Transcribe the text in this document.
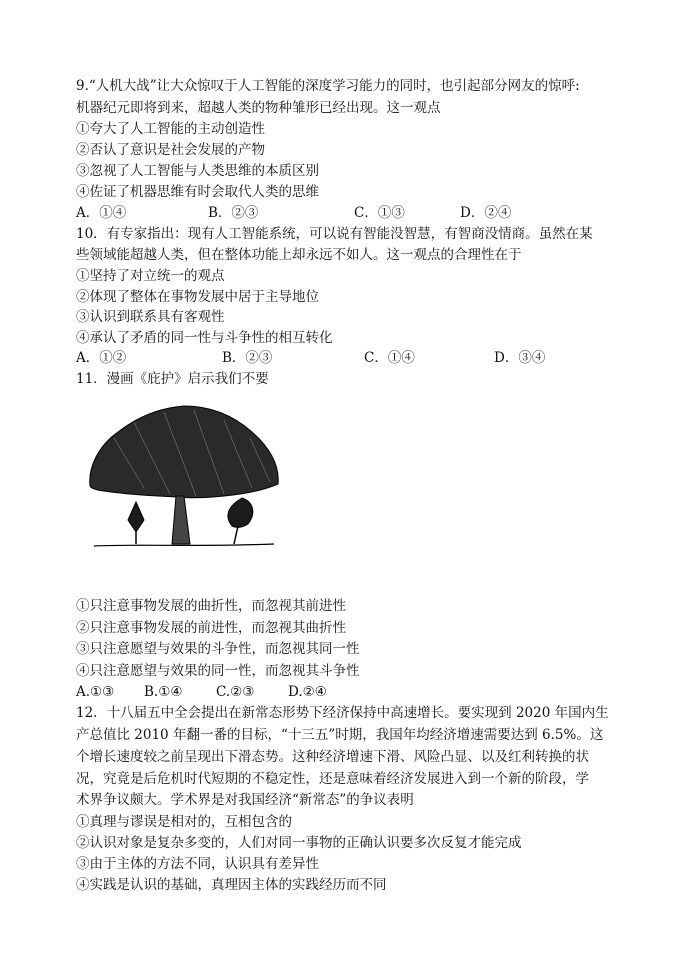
9.“人机大战”让大众惊叹于人工智能的深度学习能力的同时，也引起部分网友的惊呼:
机器纪元即将到来，超越人类的物种雏形已经出现。这一观点
①夸大了人工智能的主动创造性
②否认了意识是社会发展的产物
③忽视了人工智能与人类思维的本质区别
④佐证了机器思维有时会取代人类的思维
A．①④	B．②③	C．①③	D．②④
10．有专家指出：现有人工智能系统，可以说有智能没智慧，有智商没情商。虽然在某
些领域能超越人类，但在整体功能上却永远不如人。这一观点的合理性在于
①坚持了对立统一的观点
②体现了整体在事物发展中居于主导地位
③认识到联系具有客观性
④承认了矛盾的同一性与斗争性的相互转化
A．①②	B．②③	C．①④	D．③④
11．漫画《庇护》启示我们不要
①只注意事物发展的曲折性，而忽视其前进性
②只注意事物发展的前进性，而忽视其曲折性
③只注意愿望与效果的斗争性，而忽视其同一性
④只注意愿望与效果的同一性，而忽视其斗争性
A.①③ B.①④ C.②③ D.②④
12．十八届五中全会提出在新常态形势下经济保持中高速增长。要实现到 2020 年国内生
产总值比 2010 年翻一番的目标，“十三五”时期，我国年均经济增速需要达到 6.5%。这
个增长速度较之前呈现出下滑态势。这种经济增速下滑、风险凸显、以及红利转换的状
况，究竟是后危机时代短期的不稳定性，还是意味着经济发展进入到一个新的阶段，学
术界争议颇大。学术界是对我国经济“新常态”的争议表明
①真理与谬误是相对的，互相包含的
②认识对象是复杂多变的，人们对同一事物的正确认识要多次反复才能完成
③由于主体的方法不同，认识具有差异性
④实践是认识的基础，真理因主体的实践经历而不同
